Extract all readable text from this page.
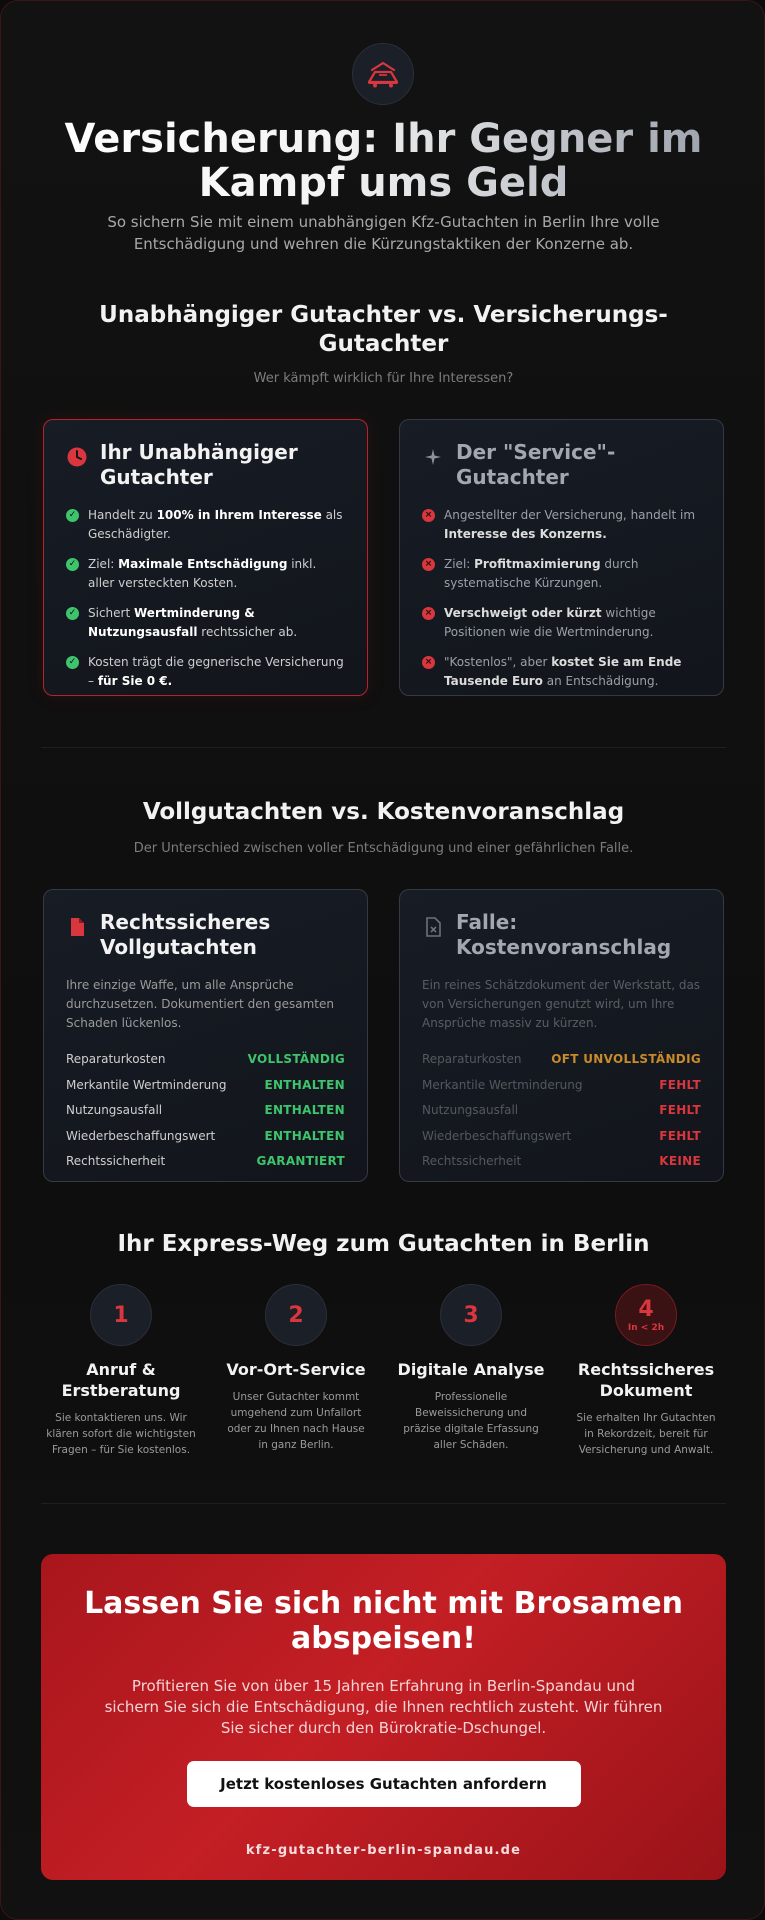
Versicherung: Ihr Gegner im Kampf ums Geld

So sichern Sie mit einem unabhängigen Kfz-Gutachten in Berlin Ihre volle Entschädigung und wehren die Kürzungstaktiken der Konzerne ab.

Unabhängiger Gutachter vs. Versicherungs-Gutachter

Wer kämpft wirklich für Ihre Interessen?

Ihr Unabhängiger Gutachter
✓ Handelt zu 100% in Ihrem Interesse als Geschädigter.
✓ Ziel: Maximale Entschädigung inkl. aller versteckten Kosten.
✓ Sichert Wertminderung & Nutzungsausfall rechtssicher ab.
✓ Kosten trägt die gegnerische Versicherung – für Sie 0 €.
Der "Service"-Gutachter
× Angestellter der Versicherung, handelt im Interesse des Konzerns.
× Ziel: Profitmaximierung durch systematische Kürzungen.
× Verschweigt oder kürzt wichtige Positionen wie die Wertminderung.
× "Kostenlos", aber kostet Sie am Ende Tausende Euro an Entschädigung.
Vollgutachten vs. Kostenvoranschlag

Der Unterschied zwischen voller Entschädigung und einer gefährlichen Falle.

Rechtssicheres Vollgutachten

Ihre einzige Waffe, um alle Ansprüche durchzusetzen. Dokumentiert den gesamten Schaden lückenlos.

Reparaturkosten	VOLLSTÄNDIG
Merkantile Wertminderung	ENTHALTEN
Nutzungsausfall	ENTHALTEN
Wiederbeschaffungswert	ENTHALTEN
Rechtssicherheit	GARANTIERT
Falle: Kostenvoranschlag

Ein reines Schätzdokument der Werkstatt, das von Versicherungen genutzt wird, um Ihre Ansprüche massiv zu kürzen.

Reparaturkosten OFT UNVOLLSTÄNDIG
Merkantile Wertminderung	FEHLT
Nutzungsausfall	FEHLT
Wiederbeschaffungswert	FEHLT
Rechtssicherheit	KEINE
Ihr Express-Weg zum Gutachten in Berlin
1
Anruf & Erstberatung

Sie kontaktieren uns. Wir klären sofort die wichtigsten Fragen – für Sie kostenlos.

2
Vor-Ort-Service

Unser Gutachter kommt umgehend zum Unfallort oder zu Ihnen nach Hause in ganz Berlin.

3
Digitale Analyse

Professionelle Beweissicherung und präzise digitale Erfassung aller Schäden.

4
In < 2h
Rechtssicheres Dokument

Sie erhalten Ihr Gutachten in Rekordzeit, bereit für Versicherung und Anwalt.

Lassen Sie sich nicht mit Brosamen abspeisen!

Profitieren Sie von über 15 Jahren Erfahrung in Berlin-Spandau und sichern Sie sich die Entschädigung, die Ihnen rechtlich zusteht. Wir führen Sie sicher durch den Bürokratie-Dschungel.

Jetzt kostenloses Gutachten anfordern
kfz-gutachter-berlin-spandau.de
